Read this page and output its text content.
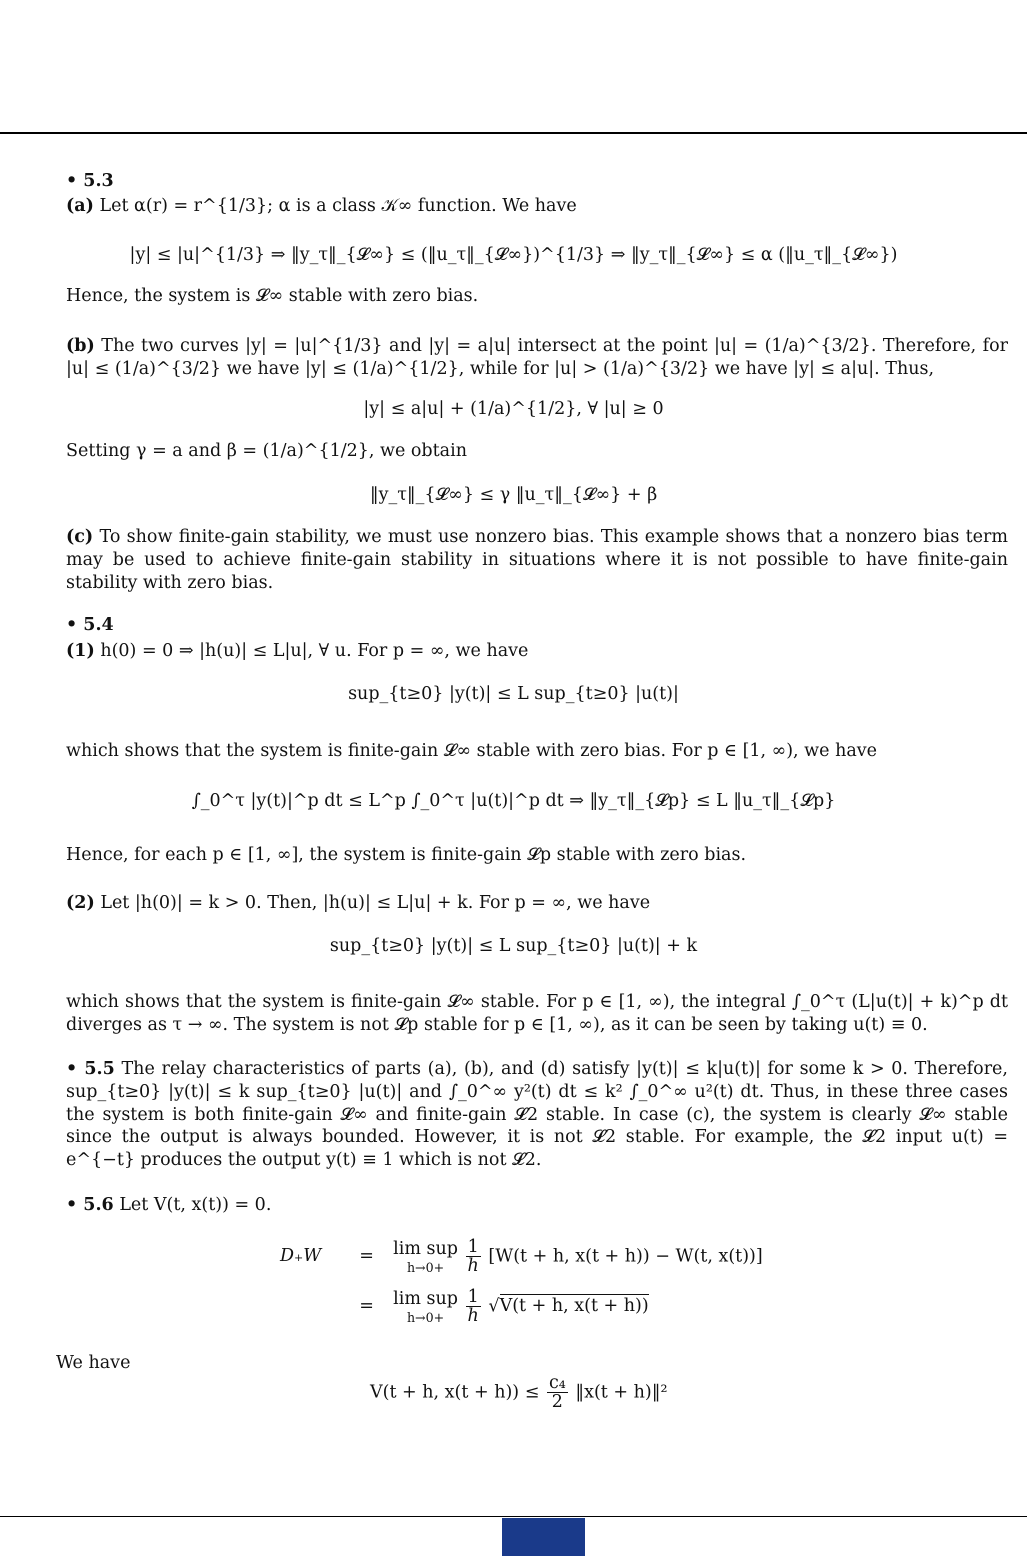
• 5.3
(a) Let α(r) = r^{1/3}; α is a class 𝒦∞ function. We have
|y| ≤ |u|^{1/3} ⇒ ‖y_τ‖_{𝓛∞} ≤ (‖u_τ‖_{𝓛∞})^{1/3} ⇒ ‖y_τ‖_{𝓛∞} ≤ α (‖u_τ‖_{𝓛∞})
Hence, the system is 𝓛∞ stable with zero bias.
(b) The two curves |y| = |u|^{1/3} and |y| = a|u| intersect at the point |u| = (1/a)^{3/2}. Therefore, for |u| ≤ (1/a)^{3/2} we have |y| ≤ (1/a)^{1/2}, while for |u| > (1/a)^{3/2} we have |y| ≤ a|u|. Thus,
|y| ≤ a|u| + (1/a)^{1/2}, ∀ |u| ≥ 0
Setting γ = a and β = (1/a)^{1/2}, we obtain
‖y_τ‖_{𝓛∞} ≤ γ ‖u_τ‖_{𝓛∞} + β
(c) To show finite-gain stability, we must use nonzero bias. This example shows that a nonzero bias term may be used to achieve finite-gain stability in situations where it is not possible to have finite-gain stability with zero bias.
• 5.4
(1) h(0) = 0 ⇒ |h(u)| ≤ L|u|, ∀ u. For p = ∞, we have
sup_{t≥0} |y(t)| ≤ L sup_{t≥0} |u(t)|
which shows that the system is finite-gain 𝓛∞ stable with zero bias. For p ∈ [1, ∞), we have
∫_0^τ |y(t)|^p dt ≤ L^p ∫_0^τ |u(t)|^p dt ⇒ ‖y_τ‖_{𝓛p} ≤ L ‖u_τ‖_{𝓛p}
Hence, for each p ∈ [1, ∞], the system is finite-gain 𝓛p stable with zero bias.
(2) Let |h(0)| = k > 0. Then, |h(u)| ≤ L|u| + k. For p = ∞, we have
sup_{t≥0} |y(t)| ≤ L sup_{t≥0} |u(t)| + k
which shows that the system is finite-gain 𝓛∞ stable. For p ∈ [1, ∞), the integral ∫_0^τ (L|u(t)| + k)^p dt diverges as τ → ∞. The system is not 𝓛p stable for p ∈ [1, ∞), as it can be seen by taking u(t) ≡ 0.
• 5.5 The relay characteristics of parts (a), (b), and (d) satisfy |y(t)| ≤ k|u(t)| for some k > 0. Therefore, sup_{t≥0} |y(t)| ≤ k sup_{t≥0} |u(t)| and ∫_0^∞ y²(t) dt ≤ k² ∫_0^∞ u²(t) dt. Thus, in these three cases the system is both finite-gain 𝓛∞ and finite-gain 𝓛2 stable. In case (c), the system is clearly 𝓛∞ stable since the output is always bounded. However, it is not 𝓛2 stable. For example, the 𝓛2 input u(t) = e^{−t} produces the output y(t) ≡ 1 which is not 𝓛2.
• 5.6 Let V(t, x(t)) = 0.
D₊W = lim sup
h→0+
	$\frac{1}{h} [W(t + h$, x(t + h)) − W(t, x(t))]
= lim sup
h→0+
	$\frac{1}{h} √V(t + h$, x(t + h))
We have
V(t + h, $x(t + h)) \le \frac{\text{c₄}}{2}$ ‖x(t + h)‖²
